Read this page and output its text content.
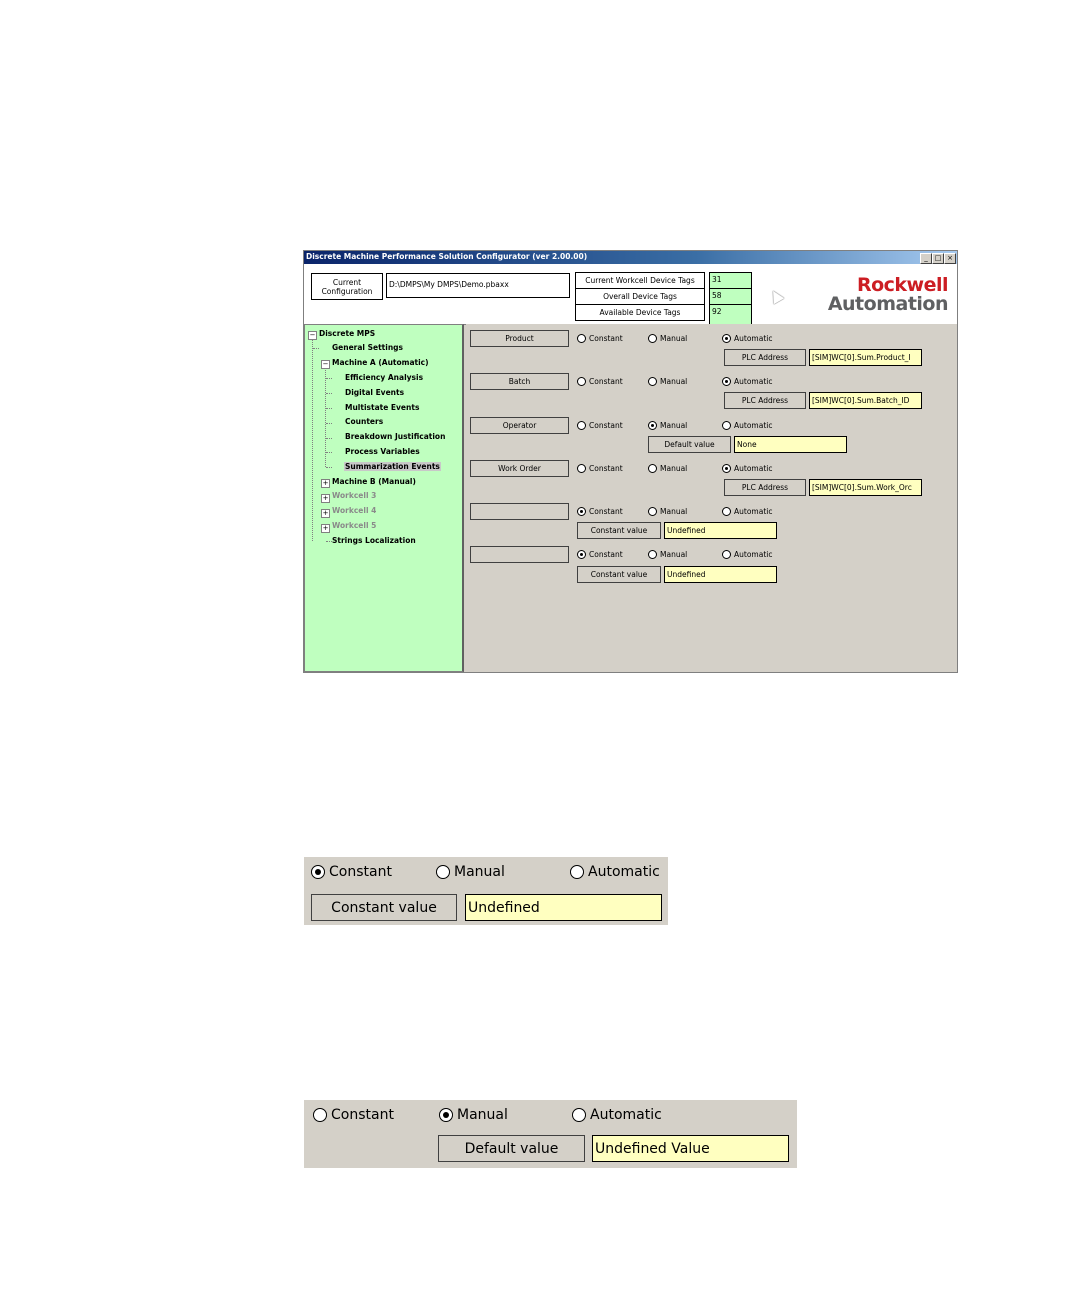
Discrete Machine Performance Solution Configurator (ver 2.00.00)	_ □ ×
Current Configuration
D:\DMPS\My DMPS\Demo.pbaxx	Current Workcell Device Tags	31
Overall Device Tags	58
Available Device Tags	92
Rockwell
Automation
− Discrete MPS
General Settings
− Machine A (Automatic)
Efficiency Analysis
Digital Events
Multistate Events
Counters
Breakdown Justification
Process Variables
Summarization Events
+ Machine B (Manual)
+ Workcell 3
+ Workcell 4
+ Workcell 5
Strings Localization
Product	Constant	Manual	Automatic
PLC Address	[SIM]WC[0].Sum.Product_I
Batch	Constant	Manual	Automatic
PLC Address	[SIM]WC[0].Sum.Batch_ID
Operator	Constant	Manual	Automatic
Default value	None
Work Order	Constant	Manual	Automatic
PLC Address	[SIM]WC[0].Sum.Work_Orc
Constant	Manual	Automatic
Constant value	Undefined
Constant	Manual	Automatic
Constant value	Undefined
Constant	Manual	Automatic
Constant value	Undefined
Constant	Manual	Automatic
Default value	Undefined Value
